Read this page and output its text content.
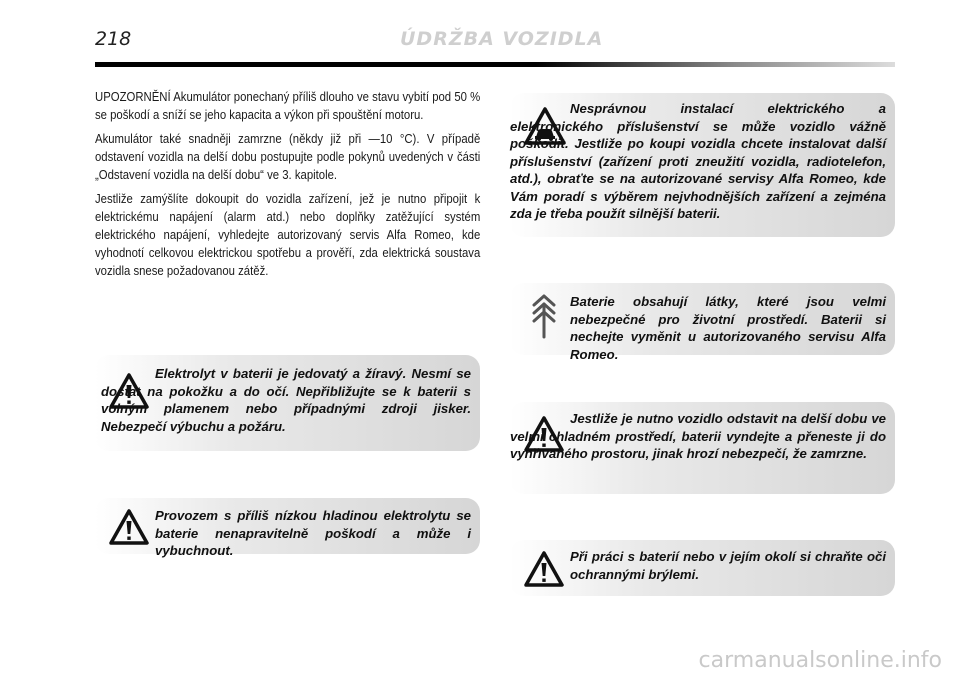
218	ÚDRŽBA VOZIDLA

UPOZORNĚNÍ Akumulátor ponechaný příliš dlouho ve stavu vybití pod 50 % se poškodí a sníží se jeho kapacita a výkon při spouštění motoru.

Akumulátor také snadněji zamrzne (někdy již při —10 °C). V případě odstavení vozidla na delší dobu postupujte podle pokynů uvedených v části „Odstavení vozidla na delší dobu“ ve 3. kapitole.

Jestliže zamýšlíte dokoupit do vozidla zařízení, jež je nutno připojit k elektrickému napájení (alarm atd.) nebo doplňky zatěžující systém elektrického napájení, vyhledejte autorizovaný servis Alfa Romeo, kde vyhodnotí celkovou elektrickou spotřebu a prověří, zda elektrická soustava vozidla snese požadovanou zátěž.

Elektrolyt v baterii je jedovatý a žíravý. Nesmí se dostat na pokožku a do očí. Nepřibližujte se k baterii s volným plamenem nebo případnými zdroji jisker. Nebezpečí výbuchu a požáru.
Provozem s příliš nízkou hladinou elektrolytu se baterie nenapravitelně poškodí a může i vybuchnout.
Nesprávnou instalací elektrického a elektronického příslušenství se může vozidlo vážně poškodit. Jestliže po koupi vozidla chcete instalovat další příslušenství (zařízení proti zneužití vozidla, radiotelefon, atd.), obraťte se na autorizované servisy Alfa Romeo, kde Vám poradí s výběrem nejvhodnějších zařízení a zejména zda je třeba použít silnější baterii.
Baterie obsahují látky, které jsou velmi nebezpečné pro životní prostředí. Baterii si nechejte vyměnit u autorizovaného servisu Alfa Romeo.
Jestliže je nutno vozidlo odstavit na delší dobu ve velmi chladném prostředí, baterii vyndejte a přeneste ji do vyhřívaného prostoru, jinak hrozí nebezpečí, že zamrzne.
Při práci s baterií nebo v jejím okolí si chraňte oči ochrannými brýlemi.
carmanualsonline.info
